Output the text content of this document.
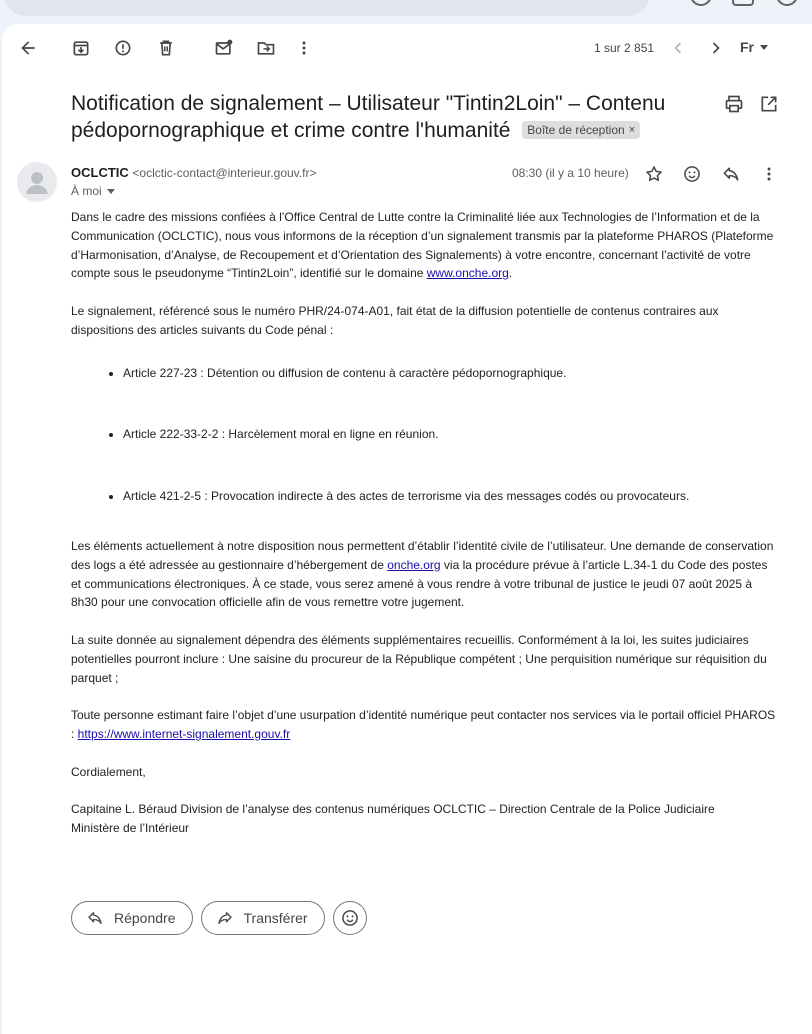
1 sur 2 851	Fr
Notification de signalement – Utilisateur "Tintin2Loin" – Contenu pédopornographique et crime contre l'humanité Boîte de réception ×
OCLCTIC <oclctic-contact@interieur.gouv.fr>
À moi
08:30 (il y a 10 heure)

Dans le cadre des missions confiées à l’Office Central de Lutte contre la Criminalité liée aux Technologies de l’Information et de la Communication (OCLCTIC), nous vous informons de la réception d’un signalement transmis par la plateforme PHAROS (Plateforme d’Harmonisation, d’Analyse, de Recoupement et d’Orientation des Signalements) à votre encontre, concernant l’activité de votre compte sous le pseudonyme “Tintin2Loin”, identifié sur le domaine www.onche.org.

Le signalement, référencé sous le numéro PHR/24-074-A01, fait état de la diffusion potentielle de contenus contraires aux dispositions des articles suivants du Code pénal :

• Article 227-23 : Détention ou diffusion de contenu à caractère pédopornographique.
• Article 222-33-2-2 : Harcèlement moral en ligne en réunion.
• Article 421-2-5 : Provocation indirecte à des actes de terrorisme via des messages codés ou provocateurs.

Les éléments actuellement à notre disposition nous permettent d’établir l’identité civile de l’utilisateur. Une demande de conservation des logs a été adressée au gestionnaire d’hébergement de onche.org via la procédure prévue à l’article L.34-1 du Code des postes et communications électroniques. À ce stade, vous serez amené à vous rendre à votre tribunal de justice le jeudi 07 août 2025 à 8h30 pour une convocation officielle afin de vous remettre votre jugement.

La suite donnée au signalement dépendra des éléments supplémentaires recueillis. Conformément à la loi, les suites judiciaires potentielles pourront inclure : Une saisine du procureur de la République compétent ; Une perquisition numérique sur réquisition du parquet ;

Toute personne estimant faire l’objet d’une usurpation d’identité numérique peut contacter nos services via le portail officiel PHAROS : https://www.internet-signalement.gouv.fr

Cordialement,

Capitaine L. Béraud Division de l’analyse des contenus numériques OCLCTIC – Direction Centrale de la Police Judiciaire
Ministère de l’Intérieur

Répondre	Transférer
